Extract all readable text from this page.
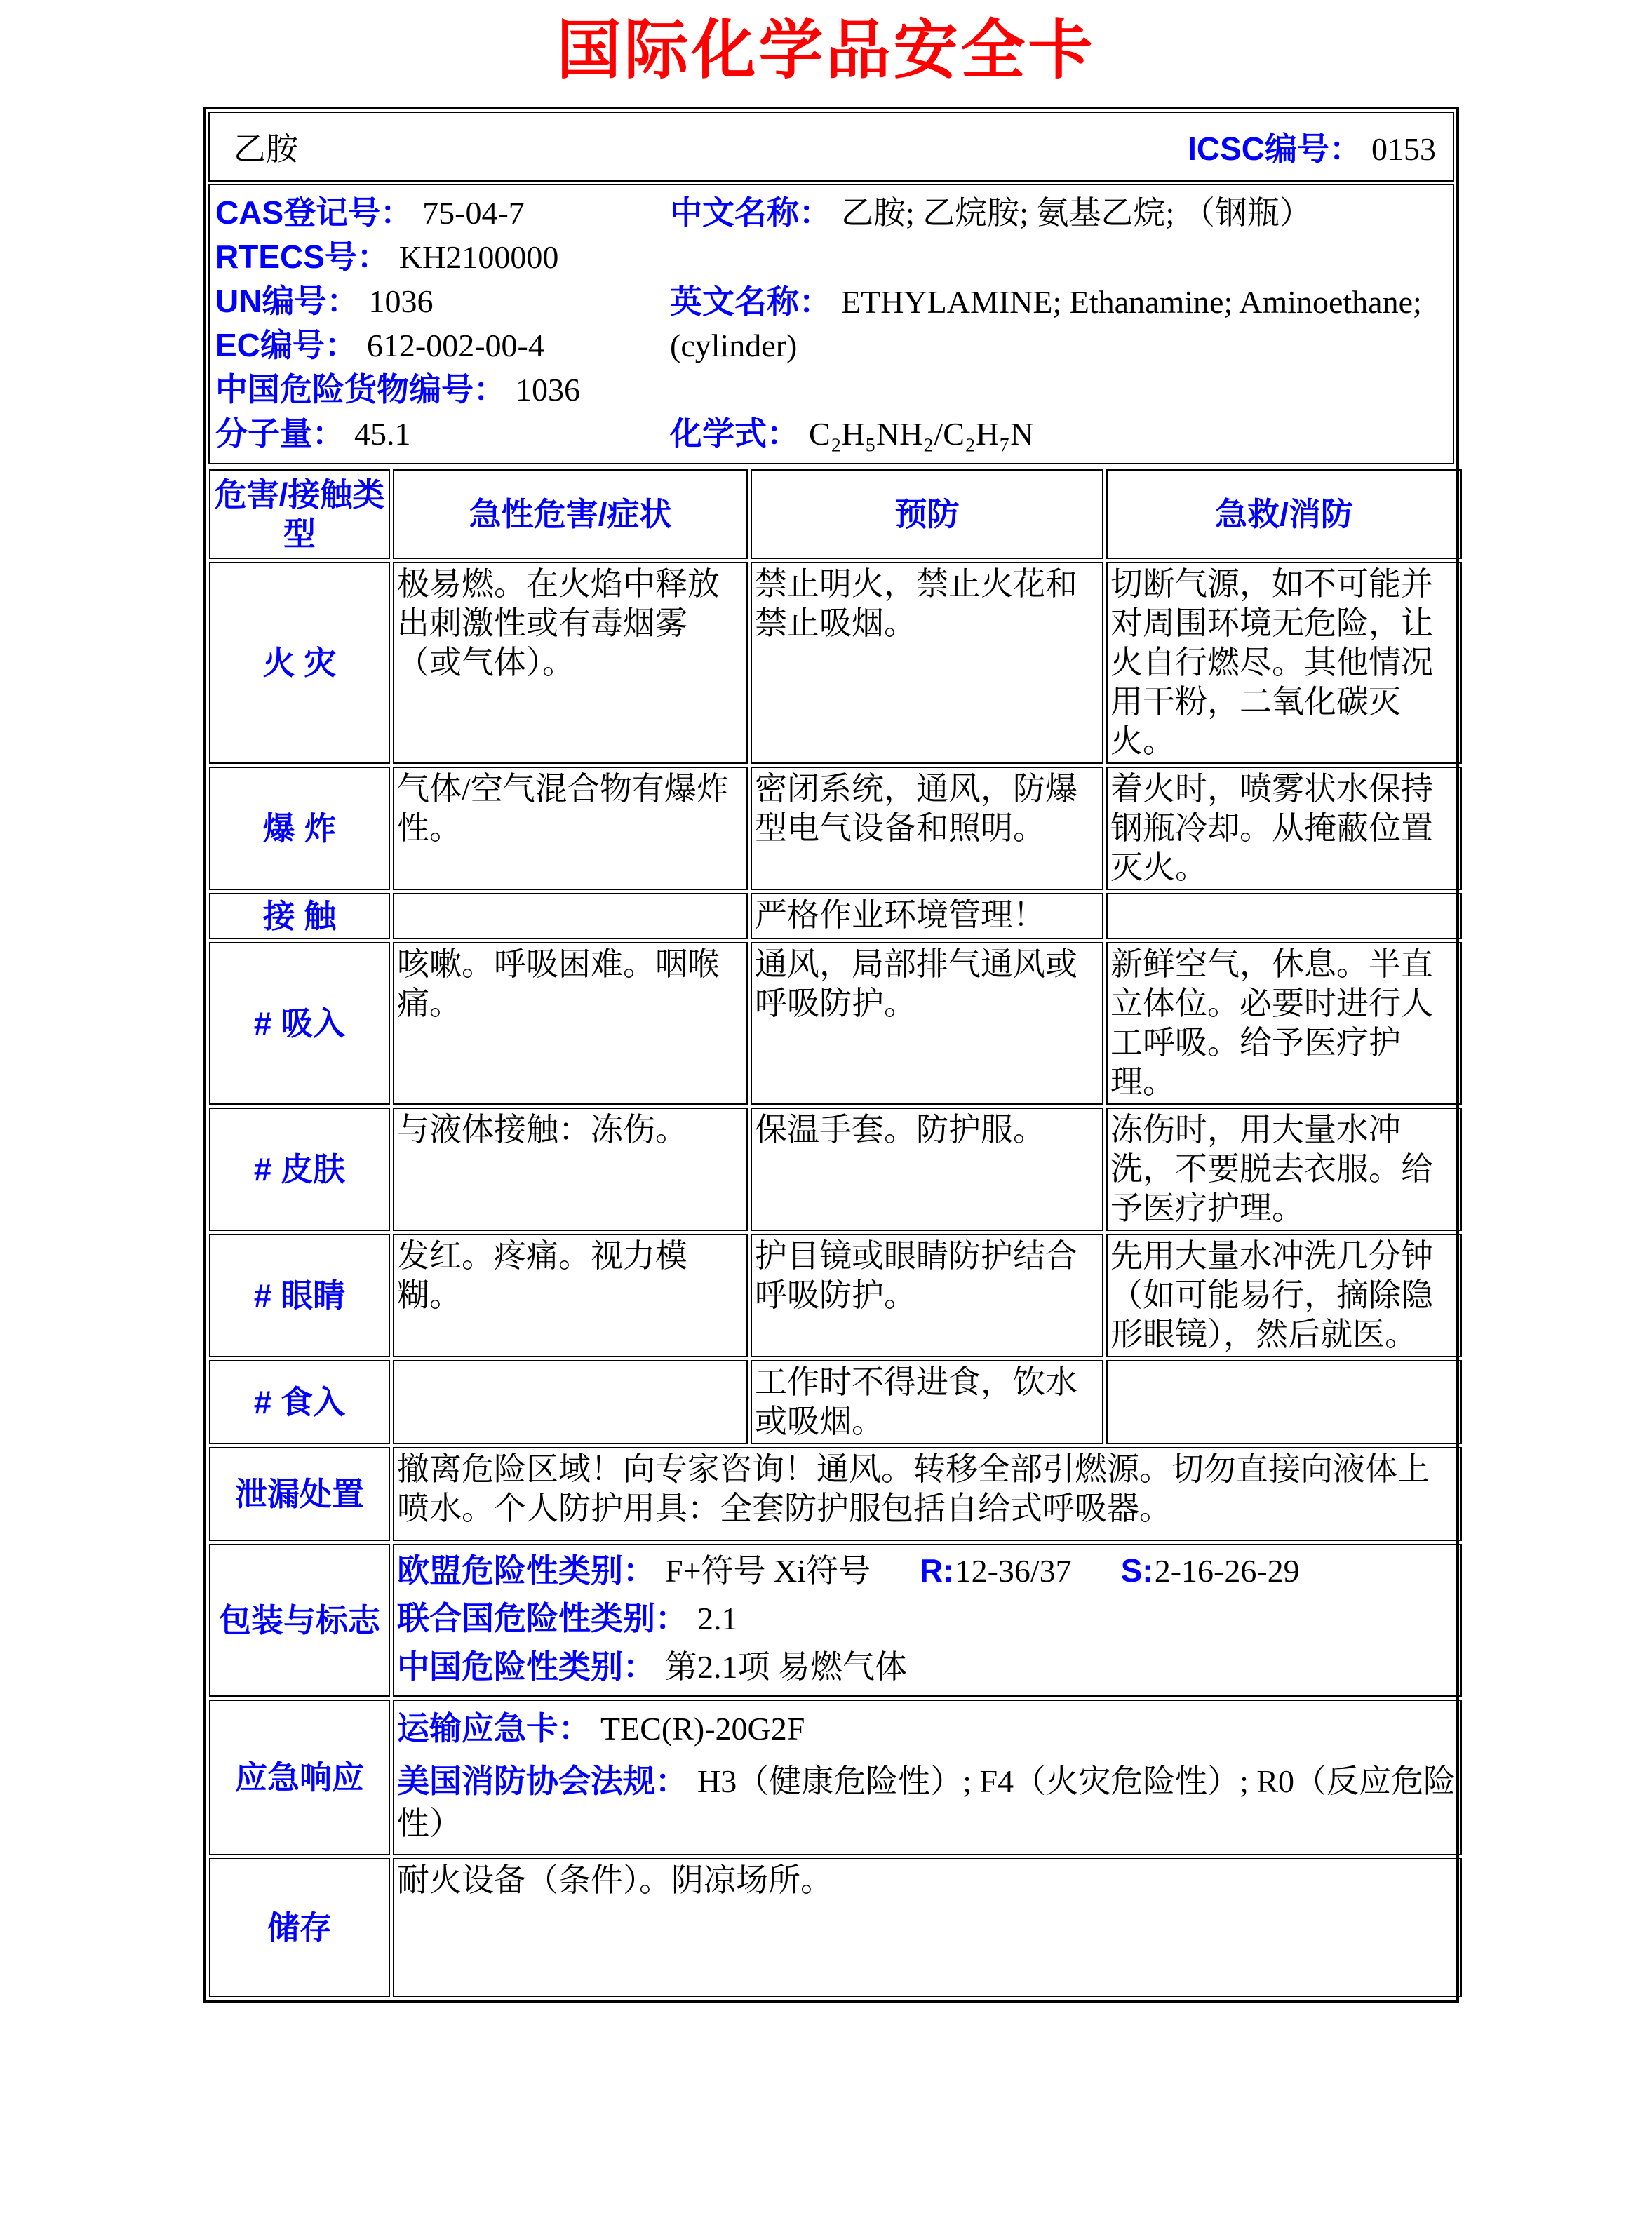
国际化学品安全卡
乙胺	ICSC编号： 0153
CAS登记号： 75-04-7
RTECS号： KH2100000
UN编号： 1036
EC编号： 612-002-00-4
中国危险货物编号： 1036
分子量： 45.1
中文名称： 乙胺; 乙烷胺; 氨基乙烷; （钢瓶）
英文名称： ETHYLAMINE; Ethanamine; Aminoethane; (cylinder)
化学式： C₂H₅NH₂/C₂H₇N
危害/接触类型	急性危害/症状	预防	急救/消防
火 灾	极易燃。在火焰中释放出刺激性或有毒烟雾（或气体）。	禁止明火，禁止火花和禁止吸烟。	切断气源，如不可能并对周围环境无危险，让火自行燃尽。其他情况用干粉，二氧化碳灭火。
爆 炸	气体/空气混合物有爆炸性。	密闭系统，通风，防爆型电气设备和照明。	着火时，喷雾状水保持钢瓶冷却。从掩蔽位置灭火。
接 触		严格作业环境管理！	
# 吸入	咳嗽。呼吸困难。咽喉痛。	通风，局部排气通风或呼吸防护。	新鲜空气，休息。半直立体位。必要时进行人工呼吸。给予医疗护理。
# 皮肤	与液体接触：冻伤。	保温手套。防护服。	冻伤时，用大量水冲洗，不要脱去衣服。给予医疗护理。
# 眼睛	发红。疼痛。视力模糊。	护目镜或眼睛防护结合呼吸防护。	先用大量水冲洗几分钟（如可能易行，摘除隐形眼镜），然后就医。
# 食入		工作时不得进食，饮水或吸烟。	
泄漏处置	撤离危险区域！向专家咨询！通风。转移全部引燃源。切勿直接向液体上喷水。个人防护用具：全套防护服包括自给式呼吸器。		
包装与标志	欧盟危险性类别： F+符号 Xi符号 R:12-36/37 S:2-16-26-29
联合国危险性类别： 2.1
中国危险性类别： 第2.1项 易燃气体		

应急响应	运输应急卡： TEC(R)-20G2F
美国消防协会法规： H3（健康危险性）; F4（火灾危险性）; R0（反应危险性）		

储存	耐火设备（条件）。阴凉场所。		
